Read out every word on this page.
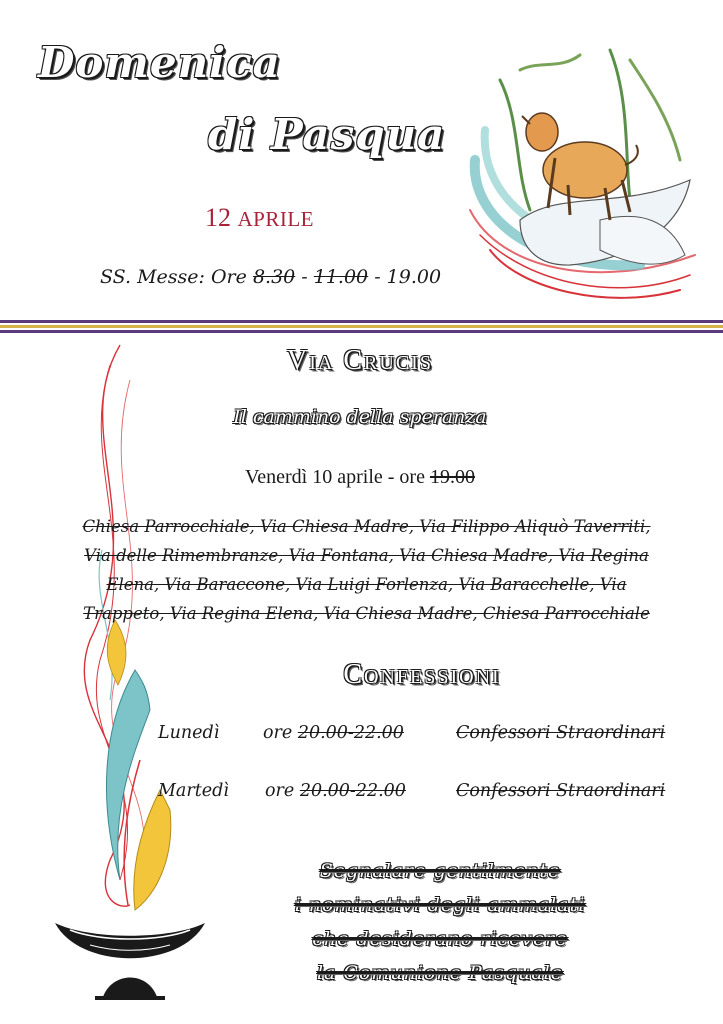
Domenica
di Pasqua
12 APRILE
SS. Messe: Ore 8.30 - 11.00 - 19.00
Via Crucis
Il cammino della speranza
Venerdì 10 aprile - ore 19.00
Chiesa Parrocchiale, Via Chiesa Madre, Via Filippo Aliquò Taverriti,
Via delle Rimembranze, Via Fontana, Via Chiesa Madre, Via Regina
Elena, Via Baraccone, Via Luigi Forlenza, Via Baracchelle, Via
Trappeto, Via Regina Elena, Via Chiesa Madre, Chiesa Parrocchiale
Confessioni
Lunedì ore 20.00-22.00	Confessori Straordinari
Martedì ore 20.00-22.00	Confessori Straordinari
Segnalare gentilmente
i nominativi degli ammalati
che desiderano ricevere
la Comunione Pasquale
